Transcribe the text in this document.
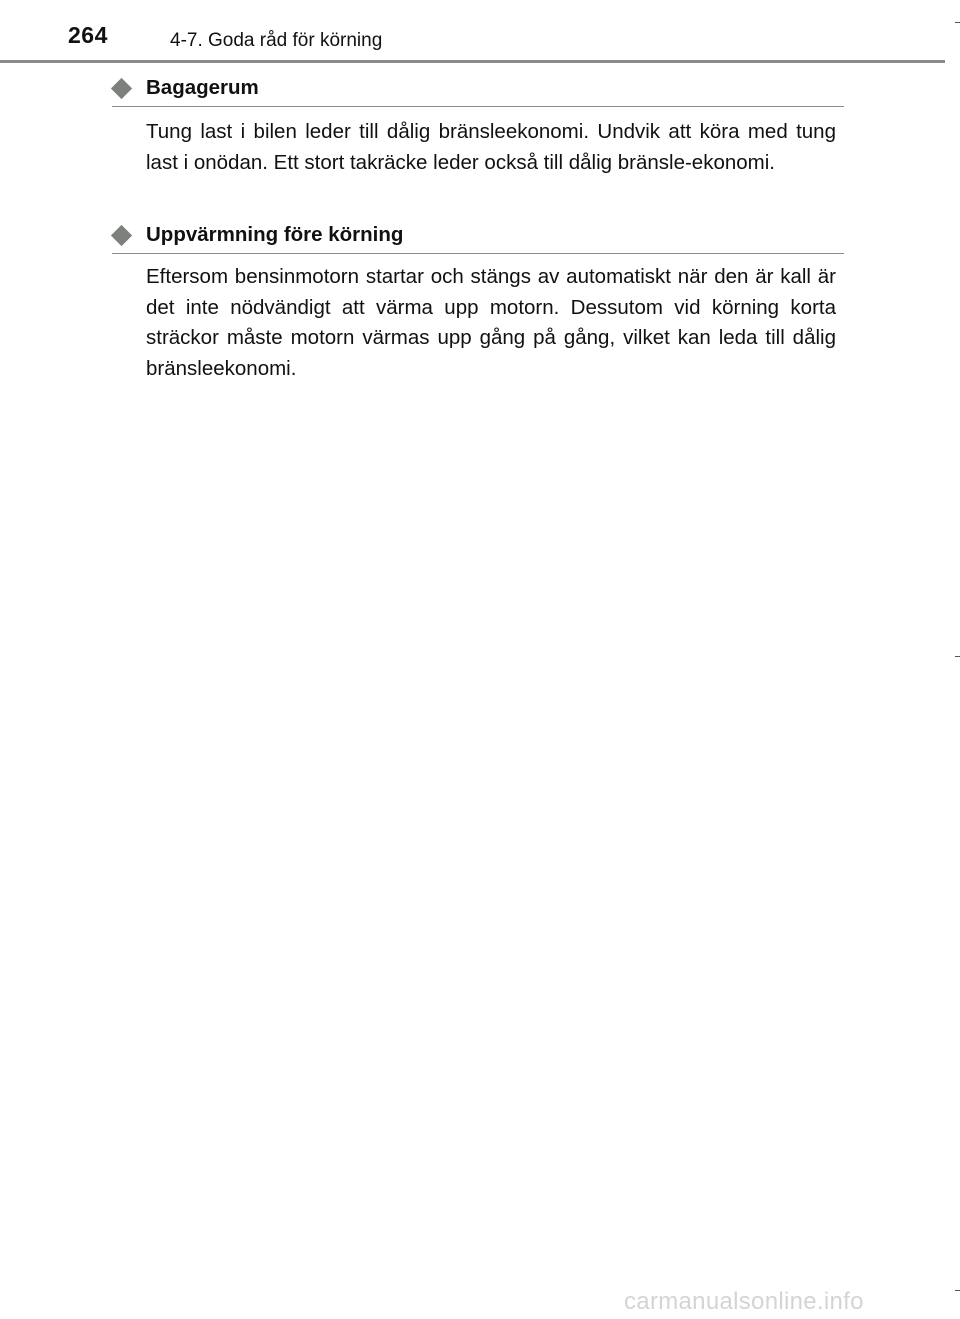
264	4-7. Goda råd för körning
Bagagerum

Tung last i bilen leder till dålig bränsleekonomi. Undvik att köra med tung last i onödan. Ett stort takräcke leder också till dålig bränsle-ekonomi.

Uppvärmning före körning

Eftersom bensinmotorn startar och stängs av automatiskt när den är kall är det inte nödvändigt att värma upp motorn. Dessutom vid körning korta sträckor måste motorn värmas upp gång på gång, vilket kan leda till dålig bränsleekonomi.

carmanualsonline.info
